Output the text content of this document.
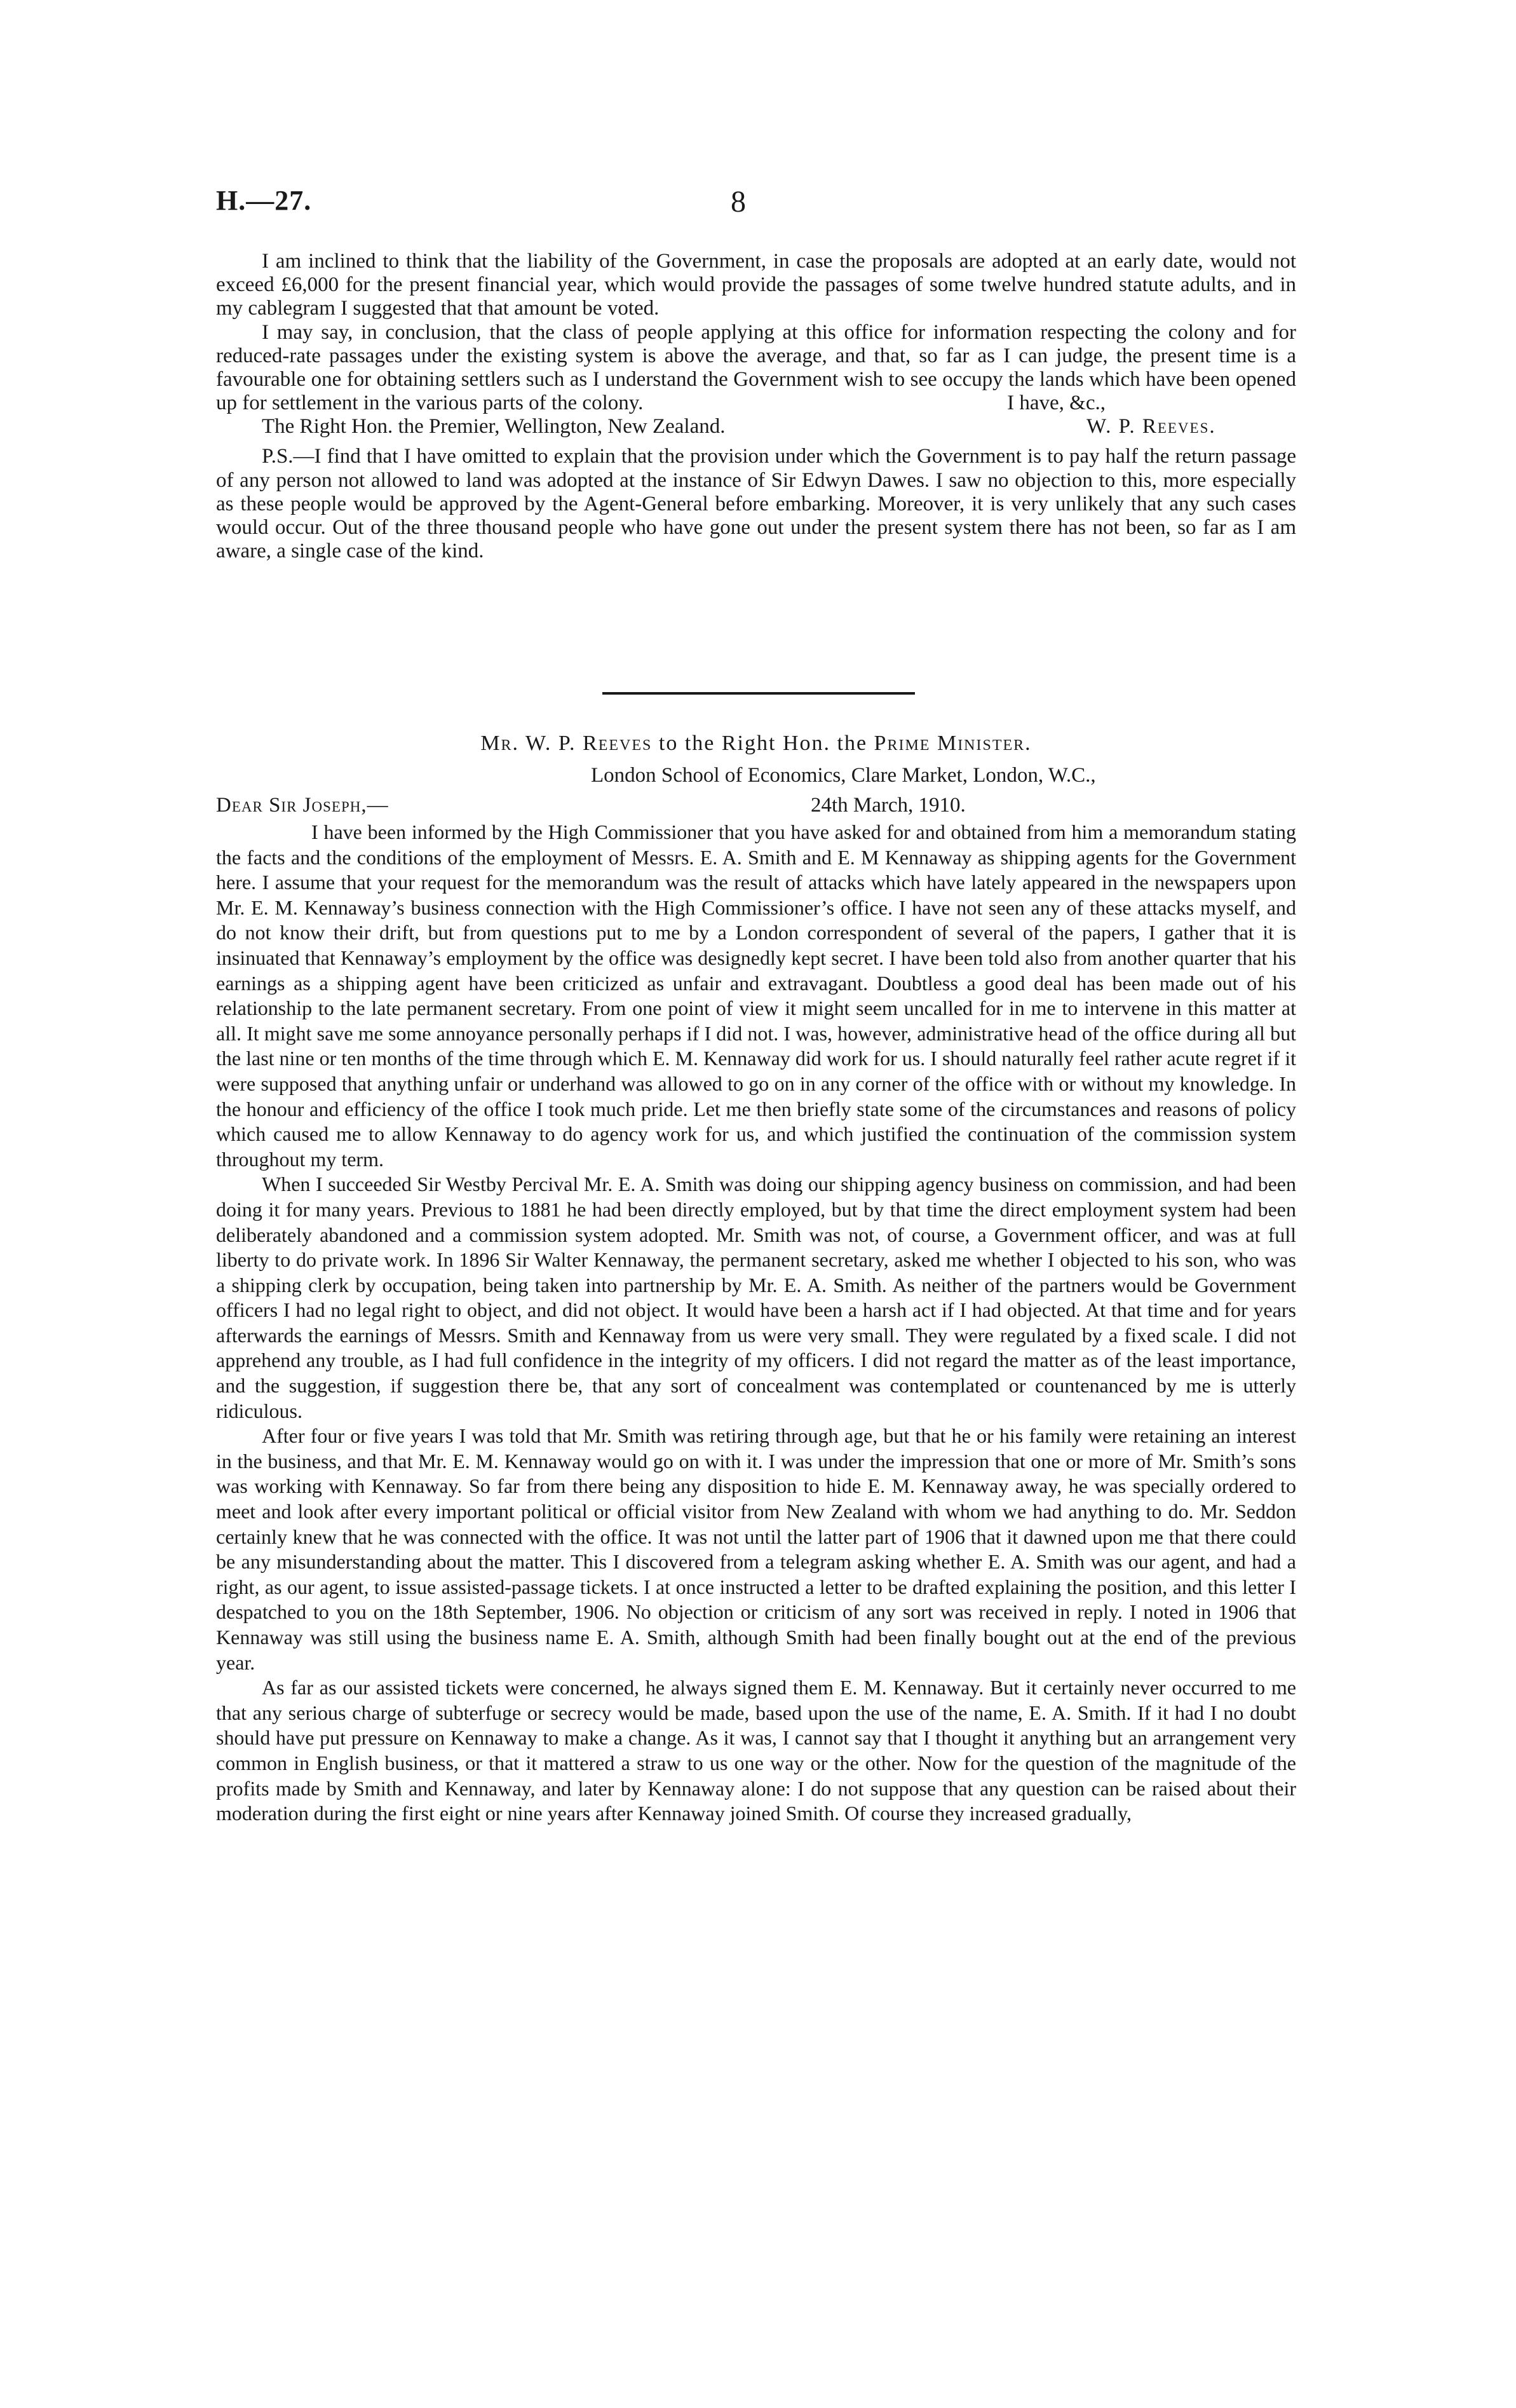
H.—27.	8

I am inclined to think that the liability of the Government, in case the proposals are adopted at an early date, would not exceed £6,000 for the present financial year, which would provide the passages of some twelve hundred statute adults, and in my cablegram I suggested that that amount be voted.

I may say, in conclusion, that the class of people applying at this office for information respecting the colony and for reduced-rate passages under the existing system is above the average, and that, so far as I can judge, the present time is a favourable one for obtaining settlers such as I understand the Government wish to see occupy the lands which have been opened up for settlement in the various parts of the colony.	I have, &c.,
The Right Hon. the Premier, Wellington, New Zealand.	W. P. Reeves.

P.S.—I find that I have omitted to explain that the provision under which the Government is to pay half the return passage of any person not allowed to land was adopted at the instance of Sir Edwyn Dawes. I saw no objection to this, more especially as these people would be approved by the Agent-General before embarking. Moreover, it is very unlikely that any such cases would occur. Out of the three thousand people who have gone out under the present system there has not been, so far as I am aware, a single case of the kind.

Mr. W. P. Reeves to the Right Hon. the Prime Minister.
London School of Economics, Clare Market, London, W.C.,
Dear Sir Joseph,—	24th March, 1910.

I have been informed by the High Commissioner that you have asked for and obtained from him a memorandum stating the facts and the conditions of the employment of Messrs. E. A. Smith and E. M Kennaway as shipping agents for the Government here. I assume that your request for the memorandum was the result of attacks which have lately appeared in the newspapers upon Mr. E. M. Kennaway’s business connection with the High Commissioner’s office. I have not seen any of these attacks myself, and do not know their drift, but from questions put to me by a London correspondent of several of the papers, I gather that it is insinuated that Kennaway’s employment by the office was designedly kept secret. I have been told also from another quarter that his earnings as a shipping agent have been criticized as unfair and extravagant. Doubtless a good deal has been made out of his relationship to the late permanent secretary. From one point of view it might seem uncalled for in me to intervene in this matter at all. It might save me some annoyance personally perhaps if I did not. I was, however, administrative head of the office during all but the last nine or ten months of the time through which E. M. Kennaway did work for us. I should naturally feel rather acute regret if it were supposed that anything unfair or underhand was allowed to go on in any corner of the office with or without my knowledge. In the honour and efficiency of the office I took much pride. Let me then briefly state some of the circumstances and reasons of policy which caused me to allow Kennaway to do agency work for us, and which justified the continuation of the commission system throughout my term.

When I succeeded Sir Westby Percival Mr. E. A. Smith was doing our shipping agency business on commission, and had been doing it for many years. Previous to 1881 he had been directly employed, but by that time the direct employment system had been deliberately abandoned and a commission system adopted. Mr. Smith was not, of course, a Government officer, and was at full liberty to do private work. In 1896 Sir Walter Kennaway, the permanent secretary, asked me whether I objected to his son, who was a shipping clerk by occupation, being taken into partnership by Mr. E. A. Smith. As neither of the partners would be Government officers I had no legal right to object, and did not object. It would have been a harsh act if I had objected. At that time and for years afterwards the earnings of Messrs. Smith and Kennaway from us were very small. They were regulated by a fixed scale. I did not apprehend any trouble, as I had full confidence in the integrity of my officers. I did not regard the matter as of the least importance, and the suggestion, if suggestion there be, that any sort of concealment was contemplated or countenanced by me is utterly ridiculous.

After four or five years I was told that Mr. Smith was retiring through age, but that he or his family were retaining an interest in the business, and that Mr. E. M. Kennaway would go on with it. I was under the impression that one or more of Mr. Smith’s sons was working with Kennaway. So far from there being any disposition to hide E. M. Kennaway away, he was specially ordered to meet and look after every important political or official visitor from New Zealand with whom we had anything to do. Mr. Seddon certainly knew that he was connected with the office. It was not until the latter part of 1906 that it dawned upon me that there could be any misunderstanding about the matter. This I discovered from a telegram asking whether E. A. Smith was our agent, and had a right, as our agent, to issue assisted-passage tickets. I at once instructed a letter to be drafted explaining the position, and this letter I despatched to you on the 18th September, 1906. No objection or criticism of any sort was received in reply. I noted in 1906 that Kennaway was still using the business name E. A. Smith, although Smith had been finally bought out at the end of the previous year.

As far as our assisted tickets were concerned, he always signed them E. M. Kennaway. But it certainly never occurred to me that any serious charge of subterfuge or secrecy would be made, based upon the use of the name, E. A. Smith. If it had I no doubt should have put pressure on Kennaway to make a change. As it was, I cannot say that I thought it anything but an arrangement very common in English business, or that it mattered a straw to us one way or the other. Now for the question of the magnitude of the profits made by Smith and Kennaway, and later by Kennaway alone: I do not suppose that any question can be raised about their moderation during the first eight or nine years after Kennaway joined Smith. Of course they increased gradually,
